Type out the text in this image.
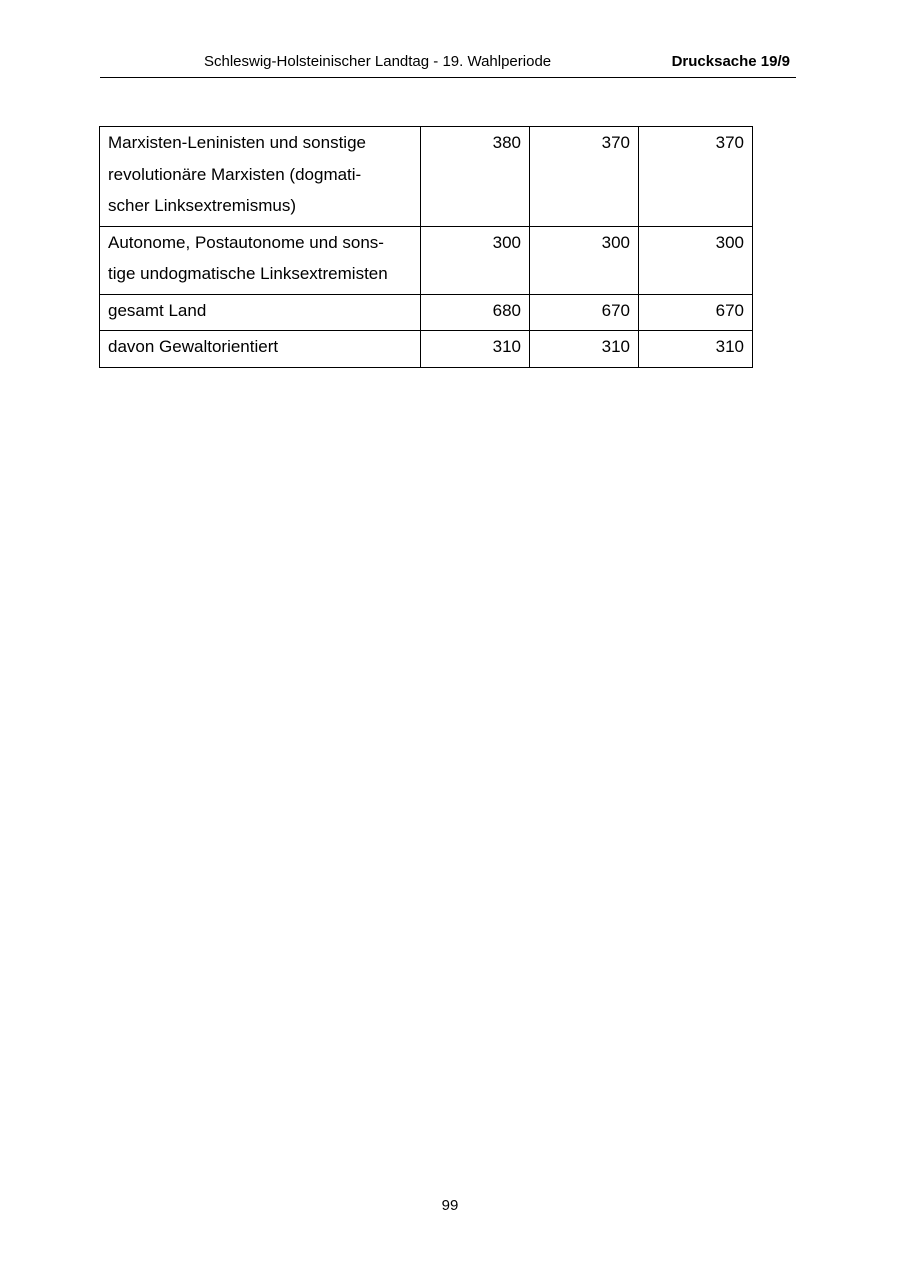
Schleswig-Holsteinischer Landtag - 19. Wahlperiode	Drucksache 19/9
Marxisten-Leninisten und sonstige
revolutionäre Marxisten (dogmati-
scher Linksextremismus)	380	370	370
Autonome, Postautonome und sons-
tige undogmatische Linksextremisten	300	300	300
gesamt Land	680	670	670
davon Gewaltorientiert	310	310	310
99
